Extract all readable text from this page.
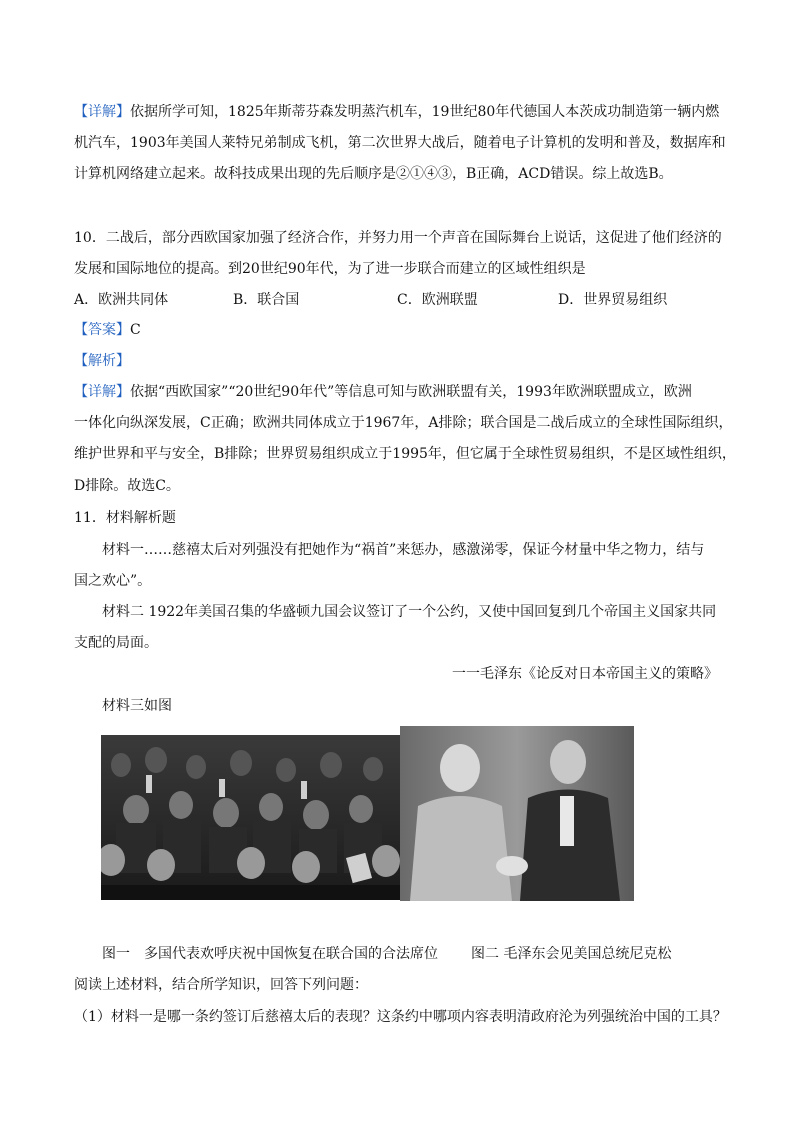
【详解】依据所学可知，1825年斯蒂芬森发明蒸汽机车，19世纪80年代德国人本茨成功制造第一辆内燃
机汽车，1903年美国人莱特兄弟制成飞机，第二次世界大战后，随着电子计算机的发明和普及，数据库和
计算机网络建立起来。故科技成果出现的先后顺序是②①④③，B正确，ACD错误。综上故选B。
10．二战后，部分西欧国家加强了经济合作，并努力用一个声音在国际舞台上说话，这促进了他们经济的
发展和国际地位的提高。到20世纪90年代，为了进一步联合而建立的区域性组织是
A．欧洲共同体	B．联合国	C．欧洲联盟	D．世界贸易组织
【答案】C
【解析】
【详解】依据“西欧国家”“20世纪90年代”等信息可知与欧洲联盟有关，1993年欧洲联盟成立，欧洲
一体化向纵深发展，C正确；欧洲共同体成立于1967年，A排除；联合国是二战后成立的全球性国际组织，
维护世界和平与安全，B排除；世界贸易组织成立于1995年，但它属于全球性贸易组织，不是区域性组织，
D排除。故选C。
11．材料解析题
材料一……慈禧太后对列强没有把她作为“祸首”来惩办，感激涕零，保证今材量中华之物力，结与
国之欢心”。
材料二 1922年美国召集的华盛顿九国会议签订了一个公约，又使中国回复到几个帝国主义国家共同
支配的局面。
一一毛泽东《论反对日本帝国主义的策略》
材料三如图
图一　多国代表欢呼庆祝中国恢复在联合国的合法席位 图二 毛泽东会见美国总统尼克松
阅读上述材料，结合所学知识，回答下列问题：
（1）材料一是哪一条约签订后慈禧太后的表现？这条约中哪项内容表明清政府沦为列强统治中国的工具？
